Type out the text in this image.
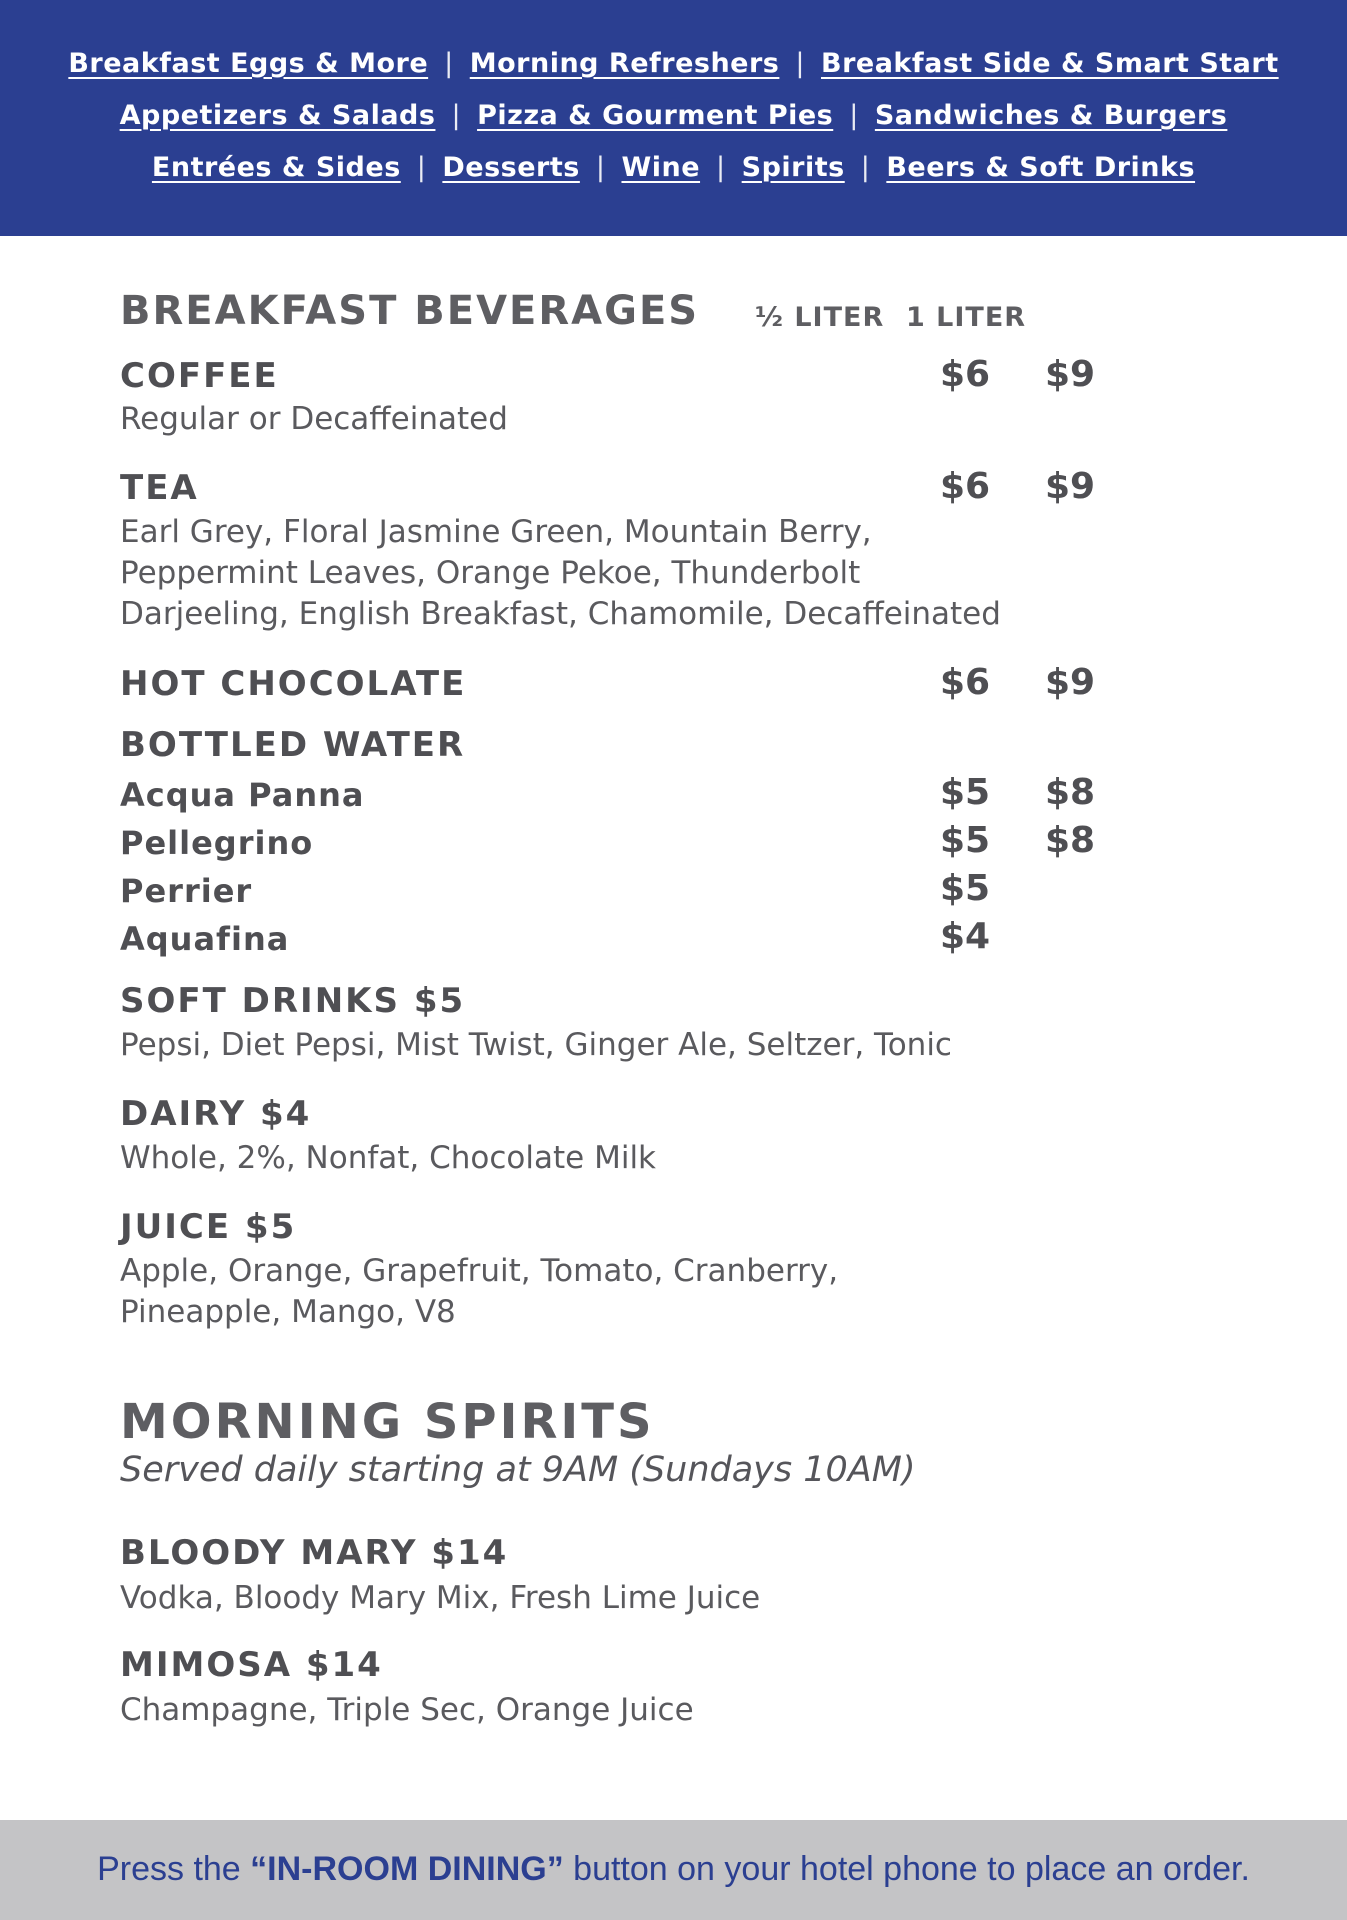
Breakfast Eggs & More | Morning Refreshers | Breakfast Side & Smart Start
Appetizers & Salads | Pizza & Gourment Pies | Sandwiches & Burgers
Entrées & Sides | Desserts | Wine | Spirits | Beers & Soft Drinks
BREAKFAST BEVERAGES ½ LITER 1 LITER
COFFEE	$6 $9
Regular or Decaffeinated
TEA	$6 $9
Earl Grey, Floral Jasmine Green, Mountain Berry,
Peppermint Leaves, Orange Pekoe, Thunderbolt
Darjeeling, English Breakfast, Chamomile, Decaffeinated
HOT CHOCOLATE	$6 $9
BOTTLED WATER
Acqua Panna	$5 $8
Pellegrino	$5 $8
Perrier	$5
Aquafina	$4
SOFT DRINKS $5
Pepsi, Diet Pepsi, Mist Twist, Ginger Ale, Seltzer, Tonic
DAIRY $4
Whole, 2%, Nonfat, Chocolate Milk
JUICE $5
Apple, Orange, Grapefruit, Tomato, Cranberry,
Pineapple, Mango, V8
MORNING SPIRITS
Served daily starting at 9AM (Sundays 10AM)
BLOODY MARY $14
Vodka, Bloody Mary Mix, Fresh Lime Juice
MIMOSA $14
Champagne, Triple Sec, Orange Juice
Press the “IN-ROOM DINING” button on your hotel phone to place an order.
